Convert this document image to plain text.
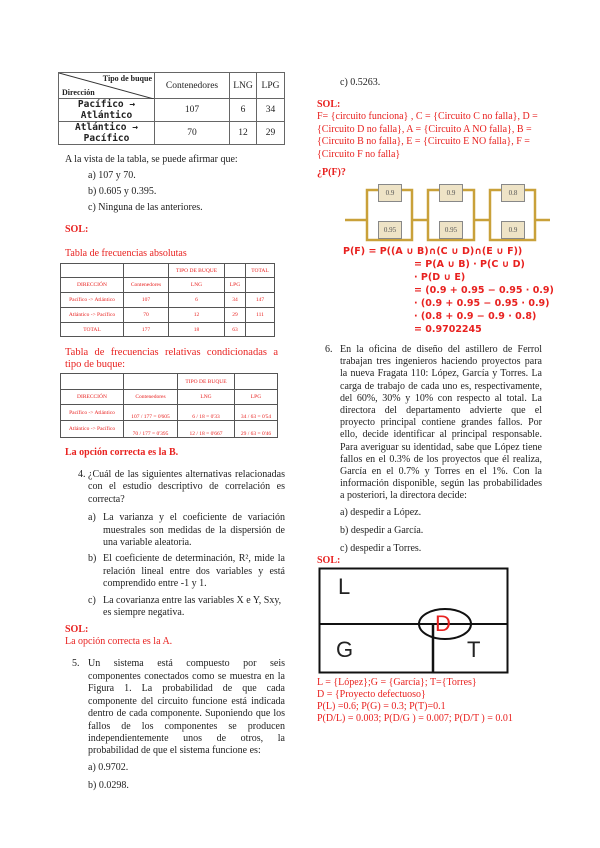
Tipo de buque
Dirección	Contenedores	LNG	LPG
Pacífico → Atlántico	107	6	34
Atlántico → Pacífico	70	12	29
A la vista de la tabla, se puede afirmar que:
a) 107 y 70.
b) 0.605 y 0.395.
c) Ninguna de las anteriores.
SOL:
Tabla de frecuencias absolutas
		TIPO DE BUQUE		TOTAL
DIRECCIÓN	Contenedores	LNG	LPG	
Pacífico -> Atlántico	107	6	34	147
Atlántico -> Pacífico	70	12	29	111
TOTAL	177	18	63	
Tabla de frecuencias relativas condicionadas a tipo de buque:
		TIPO DE BUQUE	
DIRECCIÓN	Contenedores	LNG	LPG
Pacífico -> Atlántico	107 / 177 = 0'605	6 / 18 = 0'33	34 / 63 = 0'54
Atlántico -> Pacífico	70 / 177 = 0'395	12 / 18 = 0'667	29 / 63 = 0'46
La opción correcta es la B.
4. ¿Cuál de las siguientes alternativas relacionadas con el estudio descriptivo de correlación es correcta?
a) La varianza y el coeficiente de variación muestrales son medidas de la dispersión de una variable aleatoria.
b) El coeficiente de determinación, R², mide la relación lineal entre dos variables y está comprendido entre -1 y 1.
c) La covarianza entre las variables X e Y, Sxy, es siempre negativa.
SOL:
La opción correcta es la A.
5. Un sistema está compuesto por seis componentes conectados como se muestra en la Figura 1. La probabilidad de que cada componente del circuito funcione está indicada dentro de cada componente. Suponiendo que los fallos de los componentes se producen independientemente unos de otros, la probabilidad de que el sistema funcione es:
a) 0.9702.
b) 0.0298.
c) 0.5263.
SOL:
F= {circuito funciona} , C = {Circuito C no falla}, D = {Circuito D no falla}, A = {Circuito A NO falla}, B = {Circuito B no falla}, E = {Circuito E NO falla}, F = {Circuito F no falla}
¿P(F)?
0.9	0.9	0.8
0.95	0.95	0.9
P(F) = P((A ∪ B)∩(C ∪ D)∩(E ∪ F))
= P(A ∪ B) · P(C ∪ D)
· P(D ∪ E)
= (0.9 + 0.95 − 0.95 · 0.9)
· (0.9 + 0.95 − 0.95 · 0.9)
· (0.8 + 0.9 − 0.9 · 0.8)
= 0.9702245
6. En la oficina de diseño del astillero de Ferrol trabajan tres ingenieros haciendo proyectos para la nueva Fragata 110: López, García y Torres. La carga de trabajo de cada uno es, respectivamente, del 60%, 30% y 10% con respecto al total. La directora del departamento advierte que el proyecto principal contiene grandes fallos. Por ello, decide identificar al principal responsable. Para averiguar su identidad, sabe que López tiene fallos en el 0.3% de los proyectos que él realiza, García en el 0.7% y Torres en el 1%. Con la información disponible, según las probabilidades a posteriori, la directora decide:
a) despedir a López.
b) despedir a García.
c) despedir a Torres.
SOL:
L
G	T
D
L = {López};G = {García}; T={Torres}
D = {Proyecto defectuoso}
P(L) =0.6; P(G) = 0.3; P(T)=0.1
P(D/L) = 0.003; P(D/G ) = 0.007; P(D/T ) = 0.01
